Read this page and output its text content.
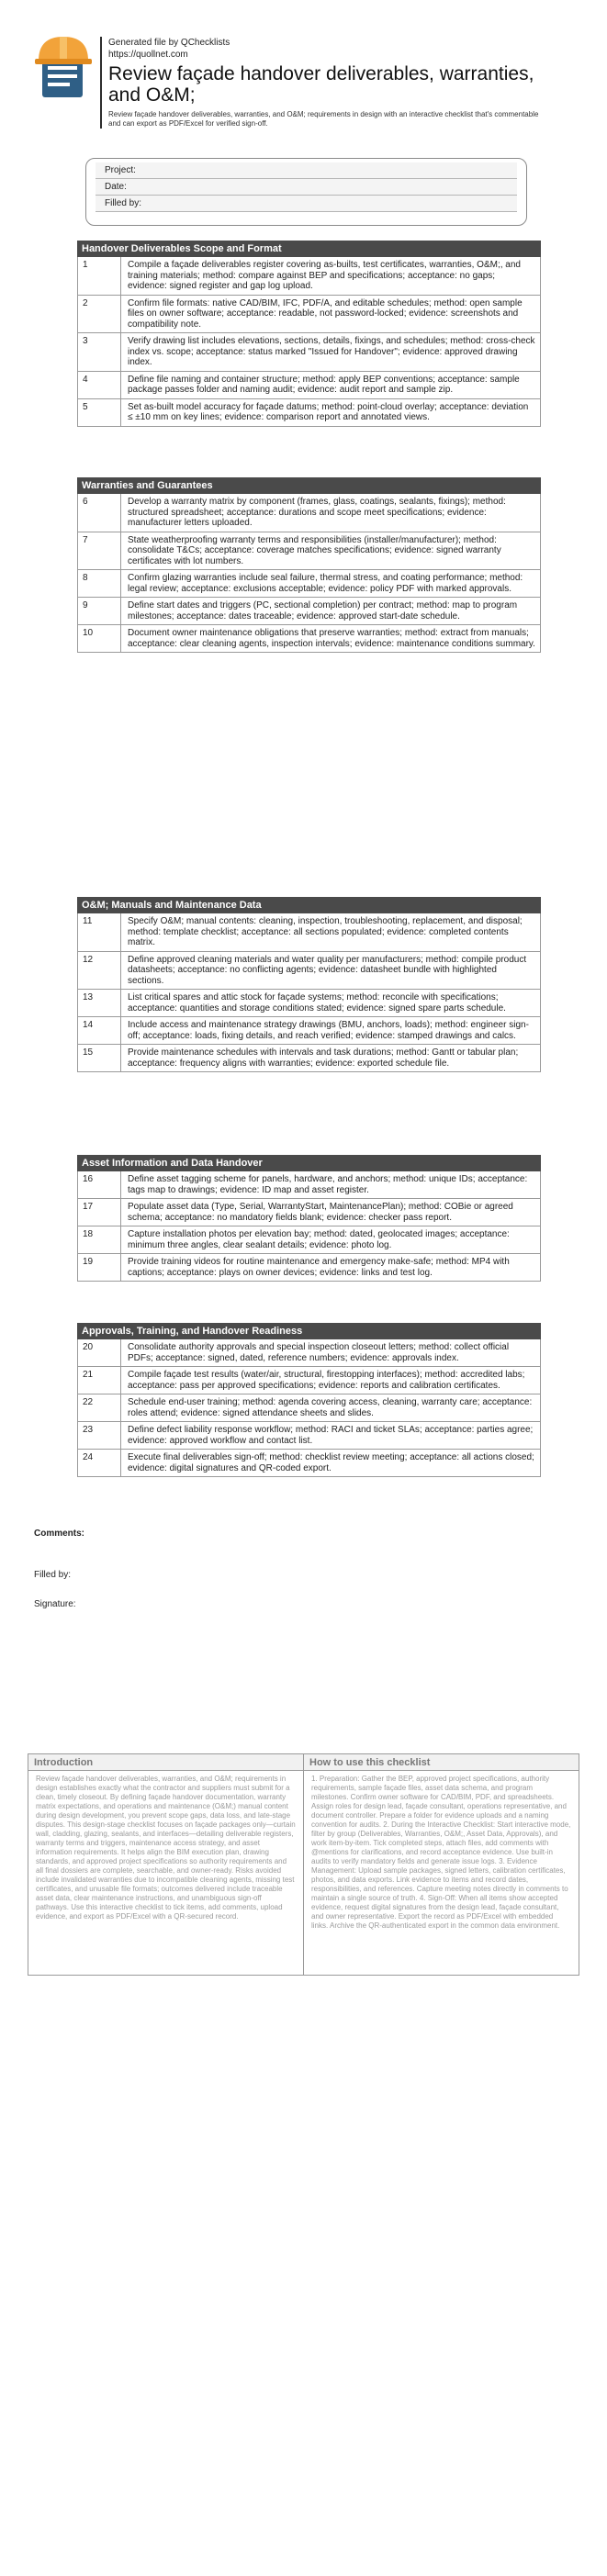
Generated file by QChecklists
https://quollnet.com
Review façade handover deliverables, warranties, and O&M;
Review façade handover deliverables, warranties, and O&M; requirements in design with an interactive checklist that's commentable and can export as PDF/Excel for verified sign-off.
Project:
Date:
Filled by:
Handover Deliverables Scope and Format
1	Compile a façade deliverables register covering as-builts, test certificates, warranties, O&M;, and training materials; method: compare against BEP and specifications; acceptance: no gaps; evidence: signed register and gap log upload.
2	Confirm file formats: native CAD/BIM, IFC, PDF/A, and editable schedules; method: open sample files on owner software; acceptance: readable, not password-locked; evidence: screenshots and compatibility note.
3	Verify drawing list includes elevations, sections, details, fixings, and schedules; method: cross-check index vs. scope; acceptance: status marked "Issued for Handover"; evidence: approved drawing index.
4	Define file naming and container structure; method: apply BEP conventions; acceptance: sample package passes folder and naming audit; evidence: audit report and sample zip.
5	Set as-built model accuracy for façade datums; method: point-cloud overlay; acceptance: deviation ≤ ±10 mm on key lines; evidence: comparison report and annotated views.
Warranties and Guarantees
6	Develop a warranty matrix by component (frames, glass, coatings, sealants, fixings); method: structured spreadsheet; acceptance: durations and scope meet specifications; evidence: manufacturer letters uploaded.
7	State weatherproofing warranty terms and responsibilities (installer/manufacturer); method: consolidate T&Cs; acceptance: coverage matches specifications; evidence: signed warranty certificates with lot numbers.
8	Confirm glazing warranties include seal failure, thermal stress, and coating performance; method: legal review; acceptance: exclusions acceptable; evidence: policy PDF with marked approvals.
9	Define start dates and triggers (PC, sectional completion) per contract; method: map to program milestones; acceptance: dates traceable; evidence: approved start-date schedule.
10	Document owner maintenance obligations that preserve warranties; method: extract from manuals; acceptance: clear cleaning agents, inspection intervals; evidence: maintenance conditions summary.
O&M; Manuals and Maintenance Data
11	Specify O&M; manual contents: cleaning, inspection, troubleshooting, replacement, and disposal; method: template checklist; acceptance: all sections populated; evidence: completed contents matrix.
12	Define approved cleaning materials and water quality per manufacturers; method: compile product datasheets; acceptance: no conflicting agents; evidence: datasheet bundle with highlighted sections.
13	List critical spares and attic stock for façade systems; method: reconcile with specifications; acceptance: quantities and storage conditions stated; evidence: signed spare parts schedule.
14	Include access and maintenance strategy drawings (BMU, anchors, loads); method: engineer sign-off; acceptance: loads, fixing details, and reach verified; evidence: stamped drawings and calcs.
15	Provide maintenance schedules with intervals and task durations; method: Gantt or tabular plan; acceptance: frequency aligns with warranties; evidence: exported schedule file.
Asset Information and Data Handover
16	Define asset tagging scheme for panels, hardware, and anchors; method: unique IDs; acceptance: tags map to drawings; evidence: ID map and asset register.
17	Populate asset data (Type, Serial, WarrantyStart, MaintenancePlan); method: COBie or agreed schema; acceptance: no mandatory fields blank; evidence: checker pass report.
18	Capture installation photos per elevation bay; method: dated, geolocated images; acceptance: minimum three angles, clear sealant details; evidence: photo log.
19	Provide training videos for routine maintenance and emergency make-safe; method: MP4 with captions; acceptance: plays on owner devices; evidence: links and test log.
Approvals, Training, and Handover Readiness
20	Consolidate authority approvals and special inspection closeout letters; method: collect official PDFs; acceptance: signed, dated, reference numbers; evidence: approvals index.
21	Compile façade test results (water/air, structural, firestopping interfaces); method: accredited labs; acceptance: pass per approved specifications; evidence: reports and calibration certificates.
22	Schedule end-user training; method: agenda covering access, cleaning, warranty care; acceptance: roles attend; evidence: signed attendance sheets and slides.
23	Define defect liability response workflow; method: RACI and ticket SLAs; acceptance: parties agree; evidence: approved workflow and contact list.
24	Execute final deliverables sign-off; method: checklist review meeting; acceptance: all actions closed; evidence: digital signatures and QR-coded export.
Comments:
Filled by:
Signature:
Introduction
Review façade handover deliverables, warranties, and O&M; requirements in design establishes exactly what the contractor and suppliers must submit for a clean, timely closeout. By defining façade handover documentation, warranty matrix expectations, and operations and maintenance (O&M;) manual content during design development, you prevent scope gaps, data loss, and late-stage disputes. This design-stage checklist focuses on façade packages only—curtain wall, cladding, glazing, sealants, and interfaces—detailing deliverable registers, warranty terms and triggers, maintenance access strategy, and asset information requirements. It helps align the BIM execution plan, drawing standards, and approved project specifications so authority requirements and all final dossiers are complete, searchable, and owner-ready. Risks avoided include invalidated warranties due to incompatible cleaning agents, missing test certificates, and unusable file formats; outcomes delivered include traceable asset data, clear maintenance instructions, and unambiguous sign-off pathways. Use this interactive checklist to tick items, add comments, upload evidence, and export as PDF/Excel with a QR-secured record.
How to use this checklist
1. Preparation: Gather the BEP, approved project specifications, authority requirements, sample façade files, asset data schema, and program milestones. Confirm owner software for CAD/BIM, PDF, and spreadsheets. Assign roles for design lead, façade consultant, operations representative, and document controller. Prepare a folder for evidence uploads and a naming convention for audits. 2. During the Interactive Checklist: Start interactive mode, filter by group (Deliverables, Warranties, O&M;, Asset Data, Approvals), and work item-by-item. Tick completed steps, attach files, add comments with @mentions for clarifications, and record acceptance evidence. Use built-in audits to verify mandatory fields and generate issue logs. 3. Evidence Management: Upload sample packages, signed letters, calibration certificates, photos, and data exports. Link evidence to items and record dates, responsibilities, and references. Capture meeting notes directly in comments to maintain a single source of truth. 4. Sign-Off: When all items show accepted evidence, request digital signatures from the design lead, façade consultant, and owner representative. Export the record as PDF/Excel with embedded links. Archive the QR-authenticated export in the common data environment.
